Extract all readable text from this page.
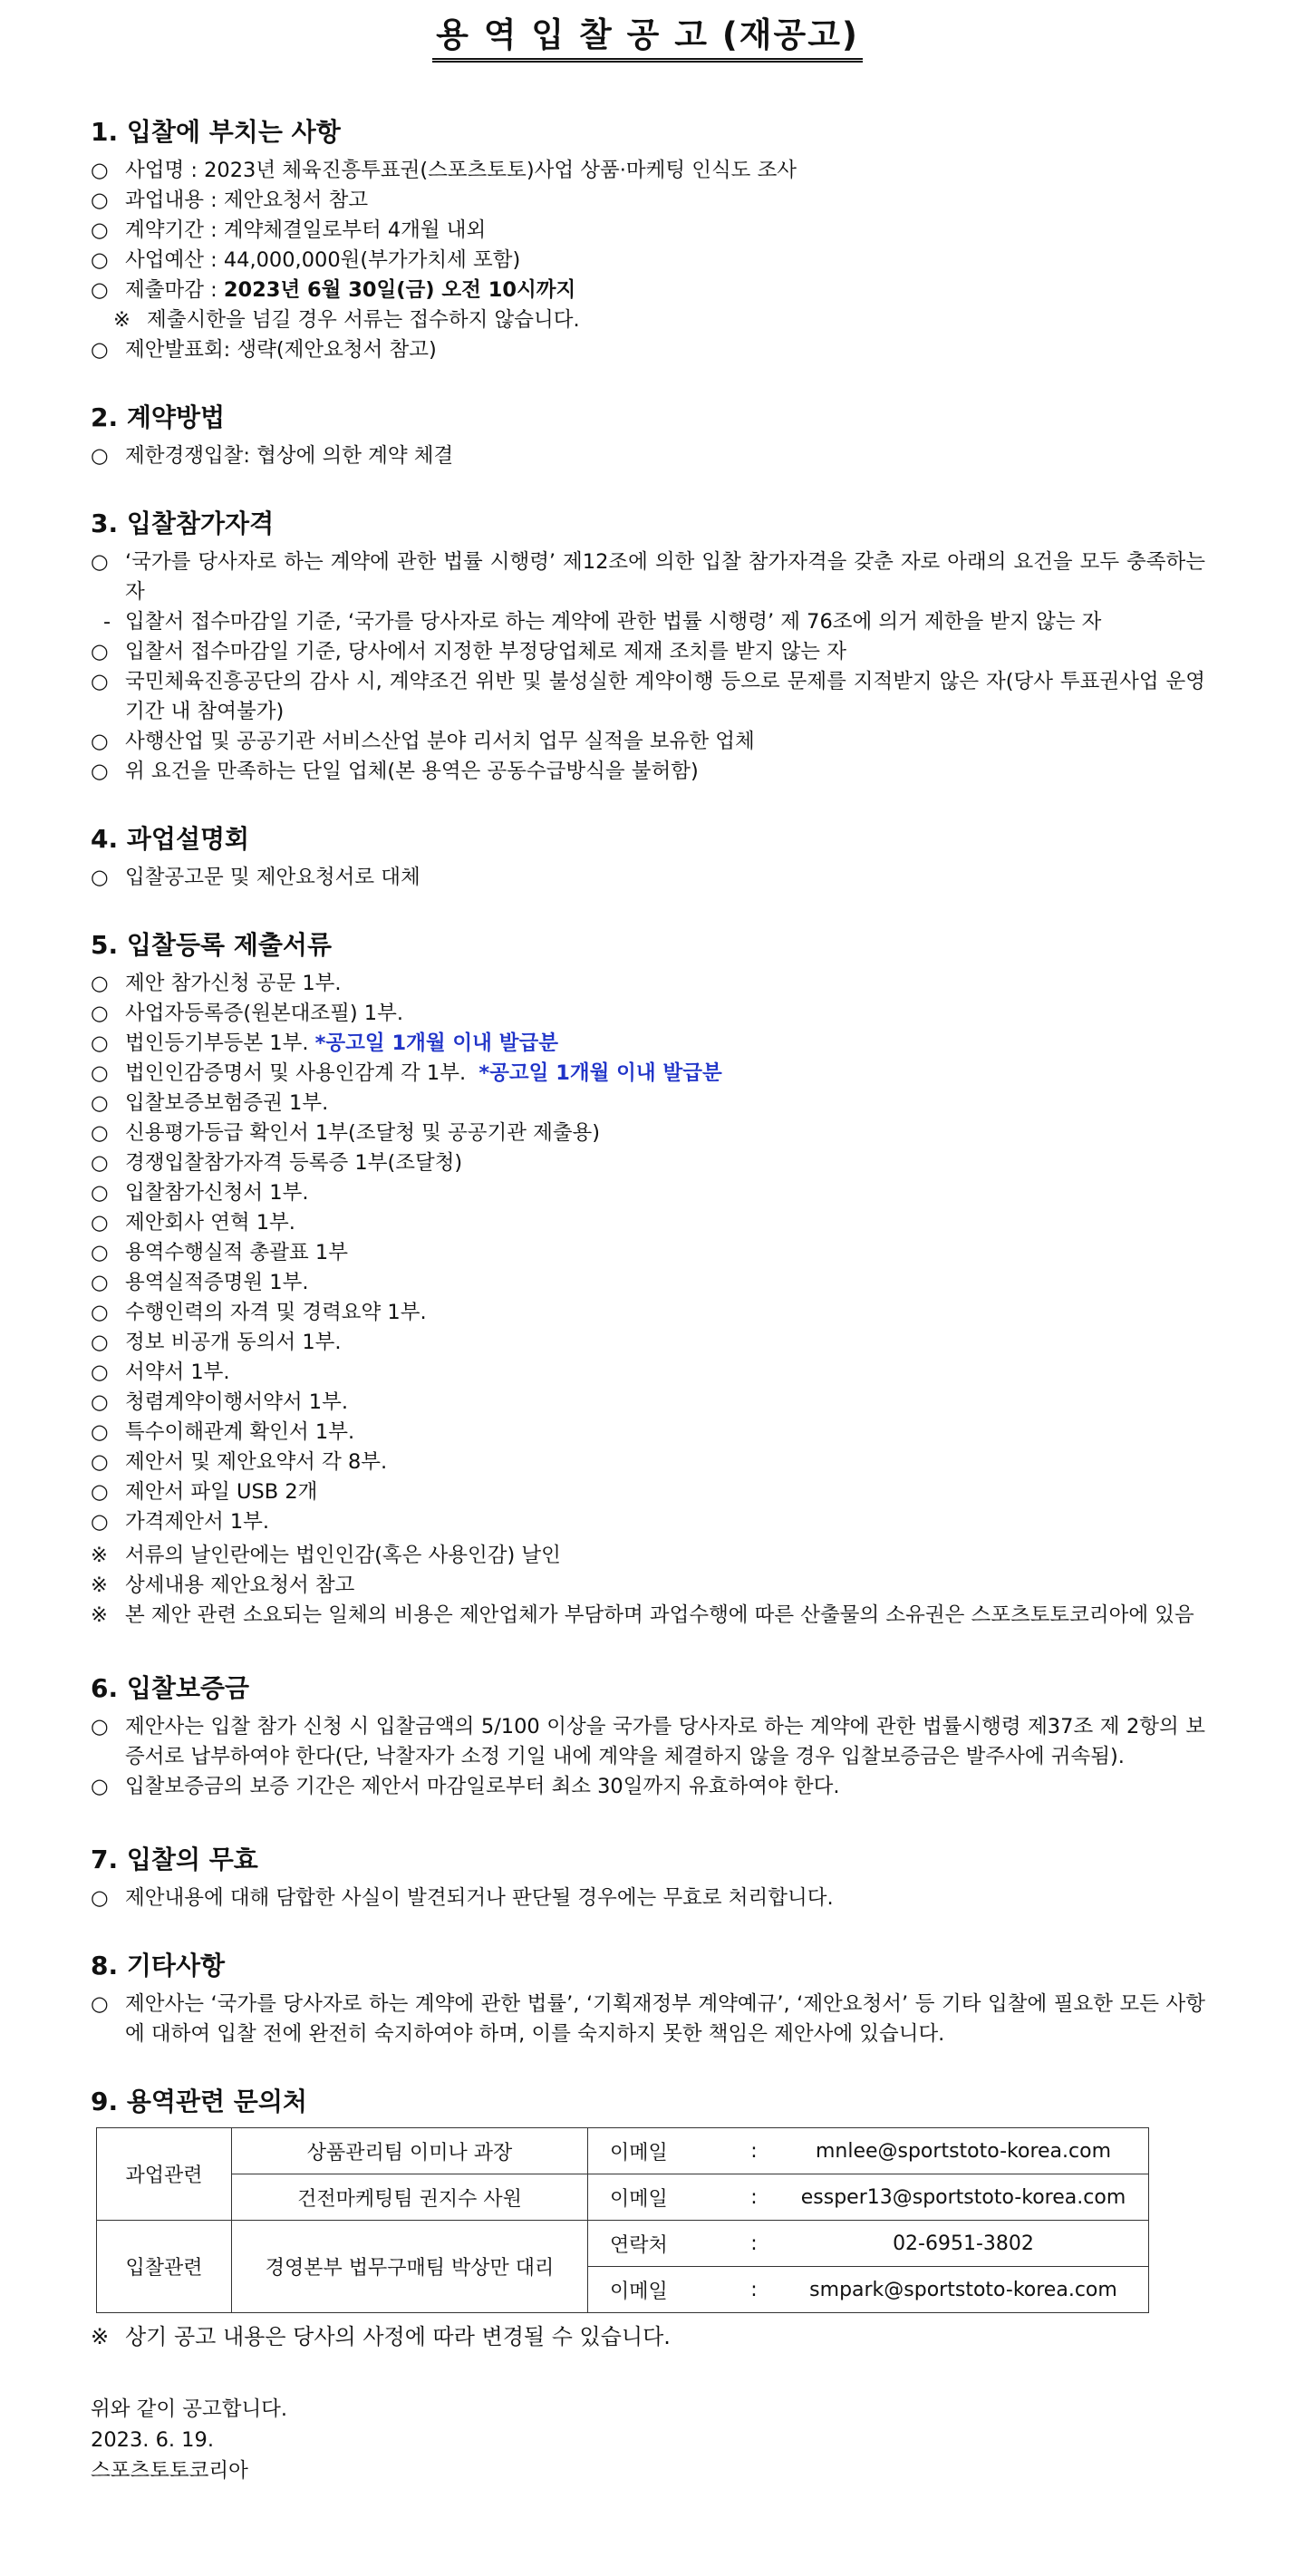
용 역 입 찰 공 고 (재공고)
1. 입찰에 부치는 사항
○ 사업명 : 2023년 체육진흥투표권(스포츠토토)사업 상품·마케팅 인식도 조사
○ 과업내용 : 제안요청서 참고
○ 계약기간 : 계약체결일로부터 4개월 내외
○ 사업예산 : 44,000,000원(부가가치세 포함)
○ 제출마감 : 2023년 6월 30일(금) 오전 10시까지
※ 제출시한을 넘길 경우 서류는 접수하지 않습니다.
○ 제안발표회: 생략(제안요청서 참고)
2. 계약방법
○ 제한경쟁입찰: 협상에 의한 계약 체결
3. 입찰참가자격
○ ‘국가를 당사자로 하는 계약에 관한 법률 시행령’ 제12조에 의한 입찰 참가자격을 갖춘 자로 아래의 요건을 모두 충족하는 자
- 입찰서 접수마감일 기준, ‘국가를 당사자로 하는 계약에 관한 법률 시행령’ 제 76조에 의거 제한을 받지 않는 자
○ 입찰서 접수마감일 기준, 당사에서 지정한 부정당업체로 제재 조치를 받지 않는 자
○ 국민체육진흥공단의 감사 시, 계약조건 위반 및 불성실한 계약이행 등으로 문제를 지적받지 않은 자(당사 투표권사업 운영기간 내 참여불가)
○ 사행산업 및 공공기관 서비스산업 분야 리서치 업무 실적을 보유한 업체
○ 위 요건을 만족하는 단일 업체(본 용역은 공동수급방식을 불허함)
4. 과업설명회
○ 입찰공고문 및 제안요청서로 대체
5. 입찰등록 제출서류
○ 제안 참가신청 공문 1부.
○ 사업자등록증(원본대조필) 1부.
○ 법인등기부등본 1부. *공고일 1개월 이내 발급분
○ 법인인감증명서 및 사용인감계 각 1부.  *공고일 1개월 이내 발급분
○ 입찰보증보험증권 1부.
○ 신용평가등급 확인서 1부(조달청 및 공공기관 제출용)
○ 경쟁입찰참가자격 등록증 1부(조달청)
○ 입찰참가신청서 1부.
○ 제안회사 연혁 1부.
○ 용역수행실적 총괄표 1부
○ 용역실적증명원 1부.
○ 수행인력의 자격 및 경력요약 1부.
○ 정보 비공개 동의서 1부.
○ 서약서 1부.
○ 청렴계약이행서약서 1부.
○ 특수이해관계 확인서 1부.
○ 제안서 및 제안요약서 각 8부.
○ 제안서 파일 USB 2개
○ 가격제안서 1부.
※ 서류의 날인란에는 법인인감(혹은 사용인감) 날인
※ 상세내용 제안요청서 참고
※ 본 제안 관련 소요되는 일체의 비용은 제안업체가 부담하며 과업수행에 따른 산출물의 소유권은 스포츠토토코리아에 있음
6. 입찰보증금
○ 제안사는 입찰 참가 신청 시 입찰금액의 5/100 이상을 국가를 당사자로 하는 계약에 관한 법률시행령 제37조 제 2항의 보증서로 납부하여야 한다(단, 낙찰자가 소정 기일 내에 계약을 체결하지 않을 경우 입찰보증금은 발주사에 귀속됨).
○ 입찰보증금의 보증 기간은 제안서 마감일로부터 최소 30일까지 유효하여야 한다.
7. 입찰의 무효
○ 제안내용에 대해 담합한 사실이 발견되거나 판단될 경우에는 무효로 처리합니다.
8. 기타사항
○ 제안사는 ‘국가를 당사자로 하는 계약에 관한 법률’, ‘기획재정부 계약예규’, ‘제안요청서’ 등 기타 입찰에 필요한 모든 사항에 대하여 입찰 전에 완전히 숙지하여야 하며, 이를 숙지하지 못한 책임은 제안사에 있습니다.
9. 용역관련 문의처
과업관련	상품관리팀 이미나 과장	이메일	:	mnlee@sportstoto-korea.com
	건전마케팅팀 권지수 사원	이메일	:	essper13@sportstoto-korea.com
입찰관련	경영본부 법무구매팀 박상만 대리	연락처	:	02-6951-3802
		이메일	:	smpark@sportstoto-korea.com
※ 상기 공고 내용은 당사의 사정에 따라 변경될 수 있습니다.
위와 같이 공고합니다.
2023. 6. 19.
스포츠토토코리아
